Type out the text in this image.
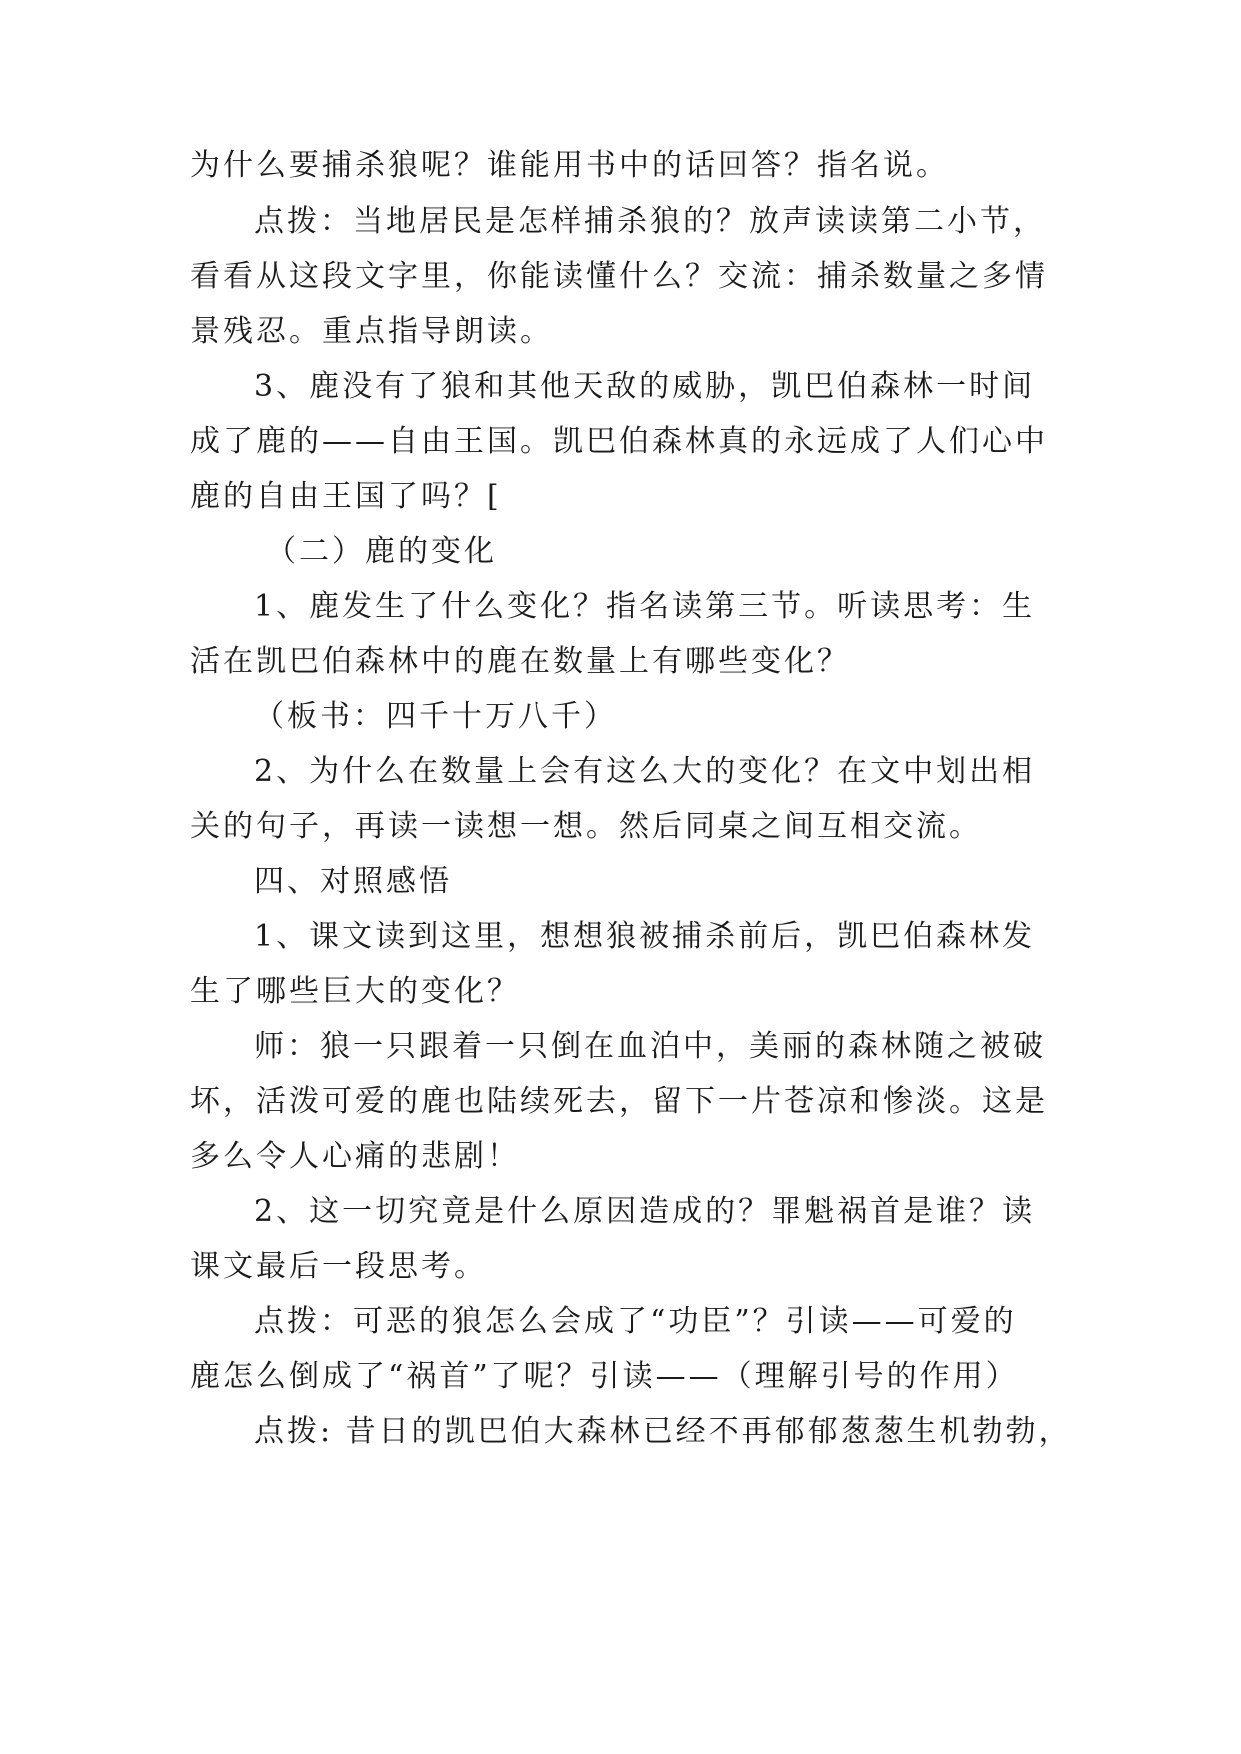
为什么要捕杀狼呢？谁能用书中的话回答？指名说。
点拨：当地居民是怎样捕杀狼的？放声读读第二小节，
看看从这段文字里，你能读懂什么？交流：捕杀数量之多情
景残忍。重点指导朗读。
3、鹿没有了狼和其他天敌的威胁，凯巴伯森林一时间
成了鹿的——自由王国。凯巴伯森林真的永远成了人们心中
鹿的自由王国了吗？[
（二）鹿的变化
1、鹿发生了什么变化？指名读第三节。听读思考：生
活在凯巴伯森林中的鹿在数量上有哪些变化？
（板书：四千十万八千）
2、为什么在数量上会有这么大的变化？在文中划出相
关的句子，再读一读想一想。然后同桌之间互相交流。
四、对照感悟
1、课文读到这里，想想狼被捕杀前后，凯巴伯森林发
生了哪些巨大的变化？
师：狼一只跟着一只倒在血泊中，美丽的森林随之被破
坏，活泼可爱的鹿也陆续死去，留下一片苍凉和惨淡。这是
多么令人心痛的悲剧！
2、这一切究竟是什么原因造成的？罪魁祸首是谁？读
课文最后一段思考。
点拨：可恶的狼怎么会成了“功臣”？引读——可爱的
鹿怎么倒成了“祸首”了呢？引读——（理解引号的作用）
点拨: 昔日的凯巴伯大森林已经不再郁郁葱葱生机勃勃，
